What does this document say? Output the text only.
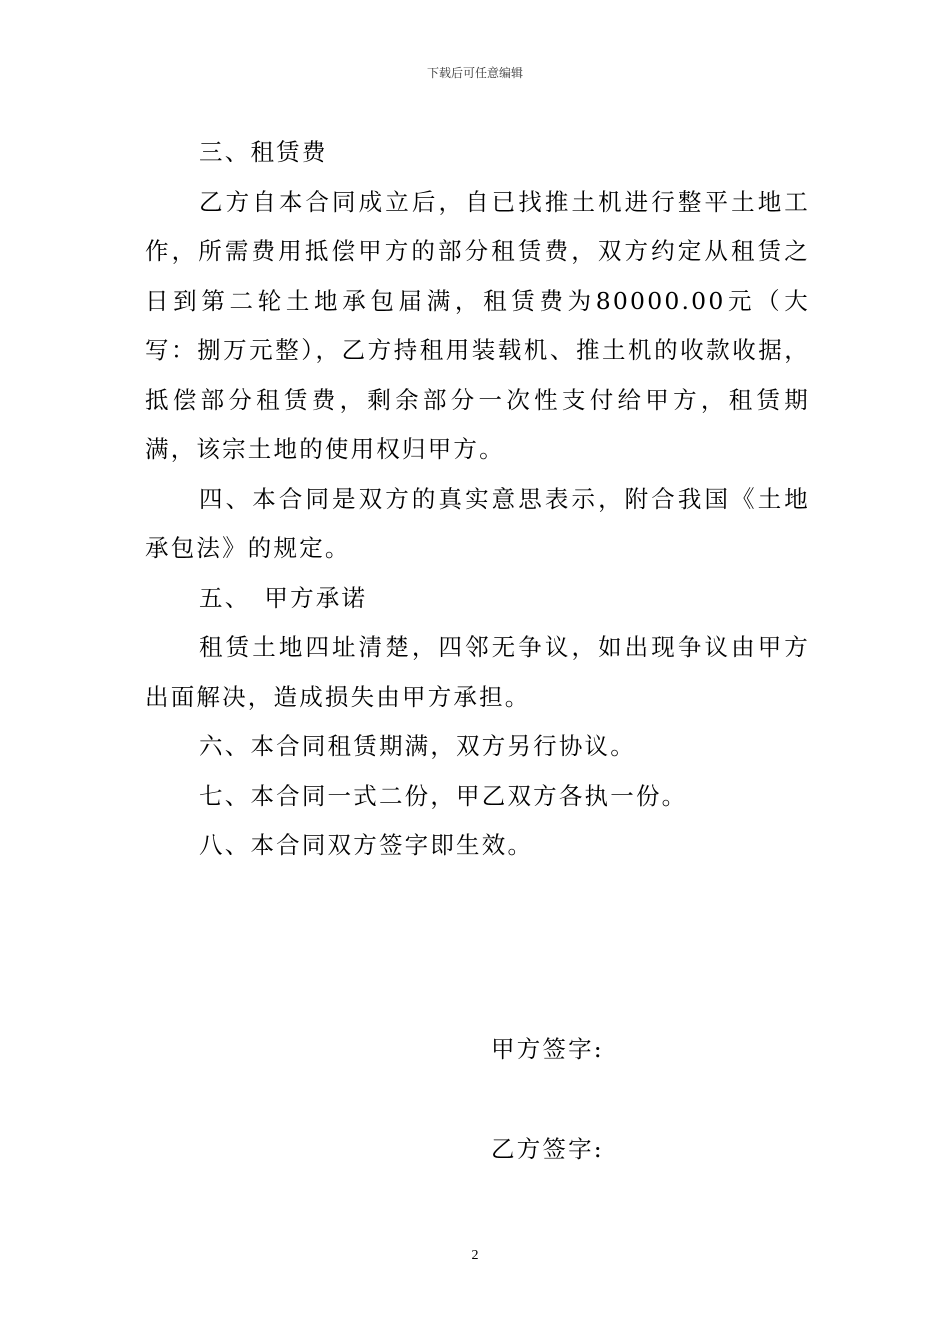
下载后可任意编辑

三、租赁费

乙方自本合同成立后，自已找推土机进行整平土地工作，所需费用抵偿甲方的部分租赁费，双方约定从租赁之日到第二轮土地承包届满，租赁费为80000.00元（大写：捌万元整），乙方持租用装载机、推土机的收款收据，抵偿部分租赁费，剩余部分一次性支付给甲方，租赁期满，该宗土地的使用权归甲方。

四、本合同是双方的真实意思表示，附合我国《土地承包法》的规定。

五、　甲方承诺

租赁土地四址清楚，四邻无争议，如出现争议由甲方出面解决，造成损失由甲方承担。

六、本合同租赁期满，双方另行协议。

七、本合同一式二份，甲乙双方各执一份。

八、本合同双方签字即生效。

甲方签字:
乙方签字:
2
